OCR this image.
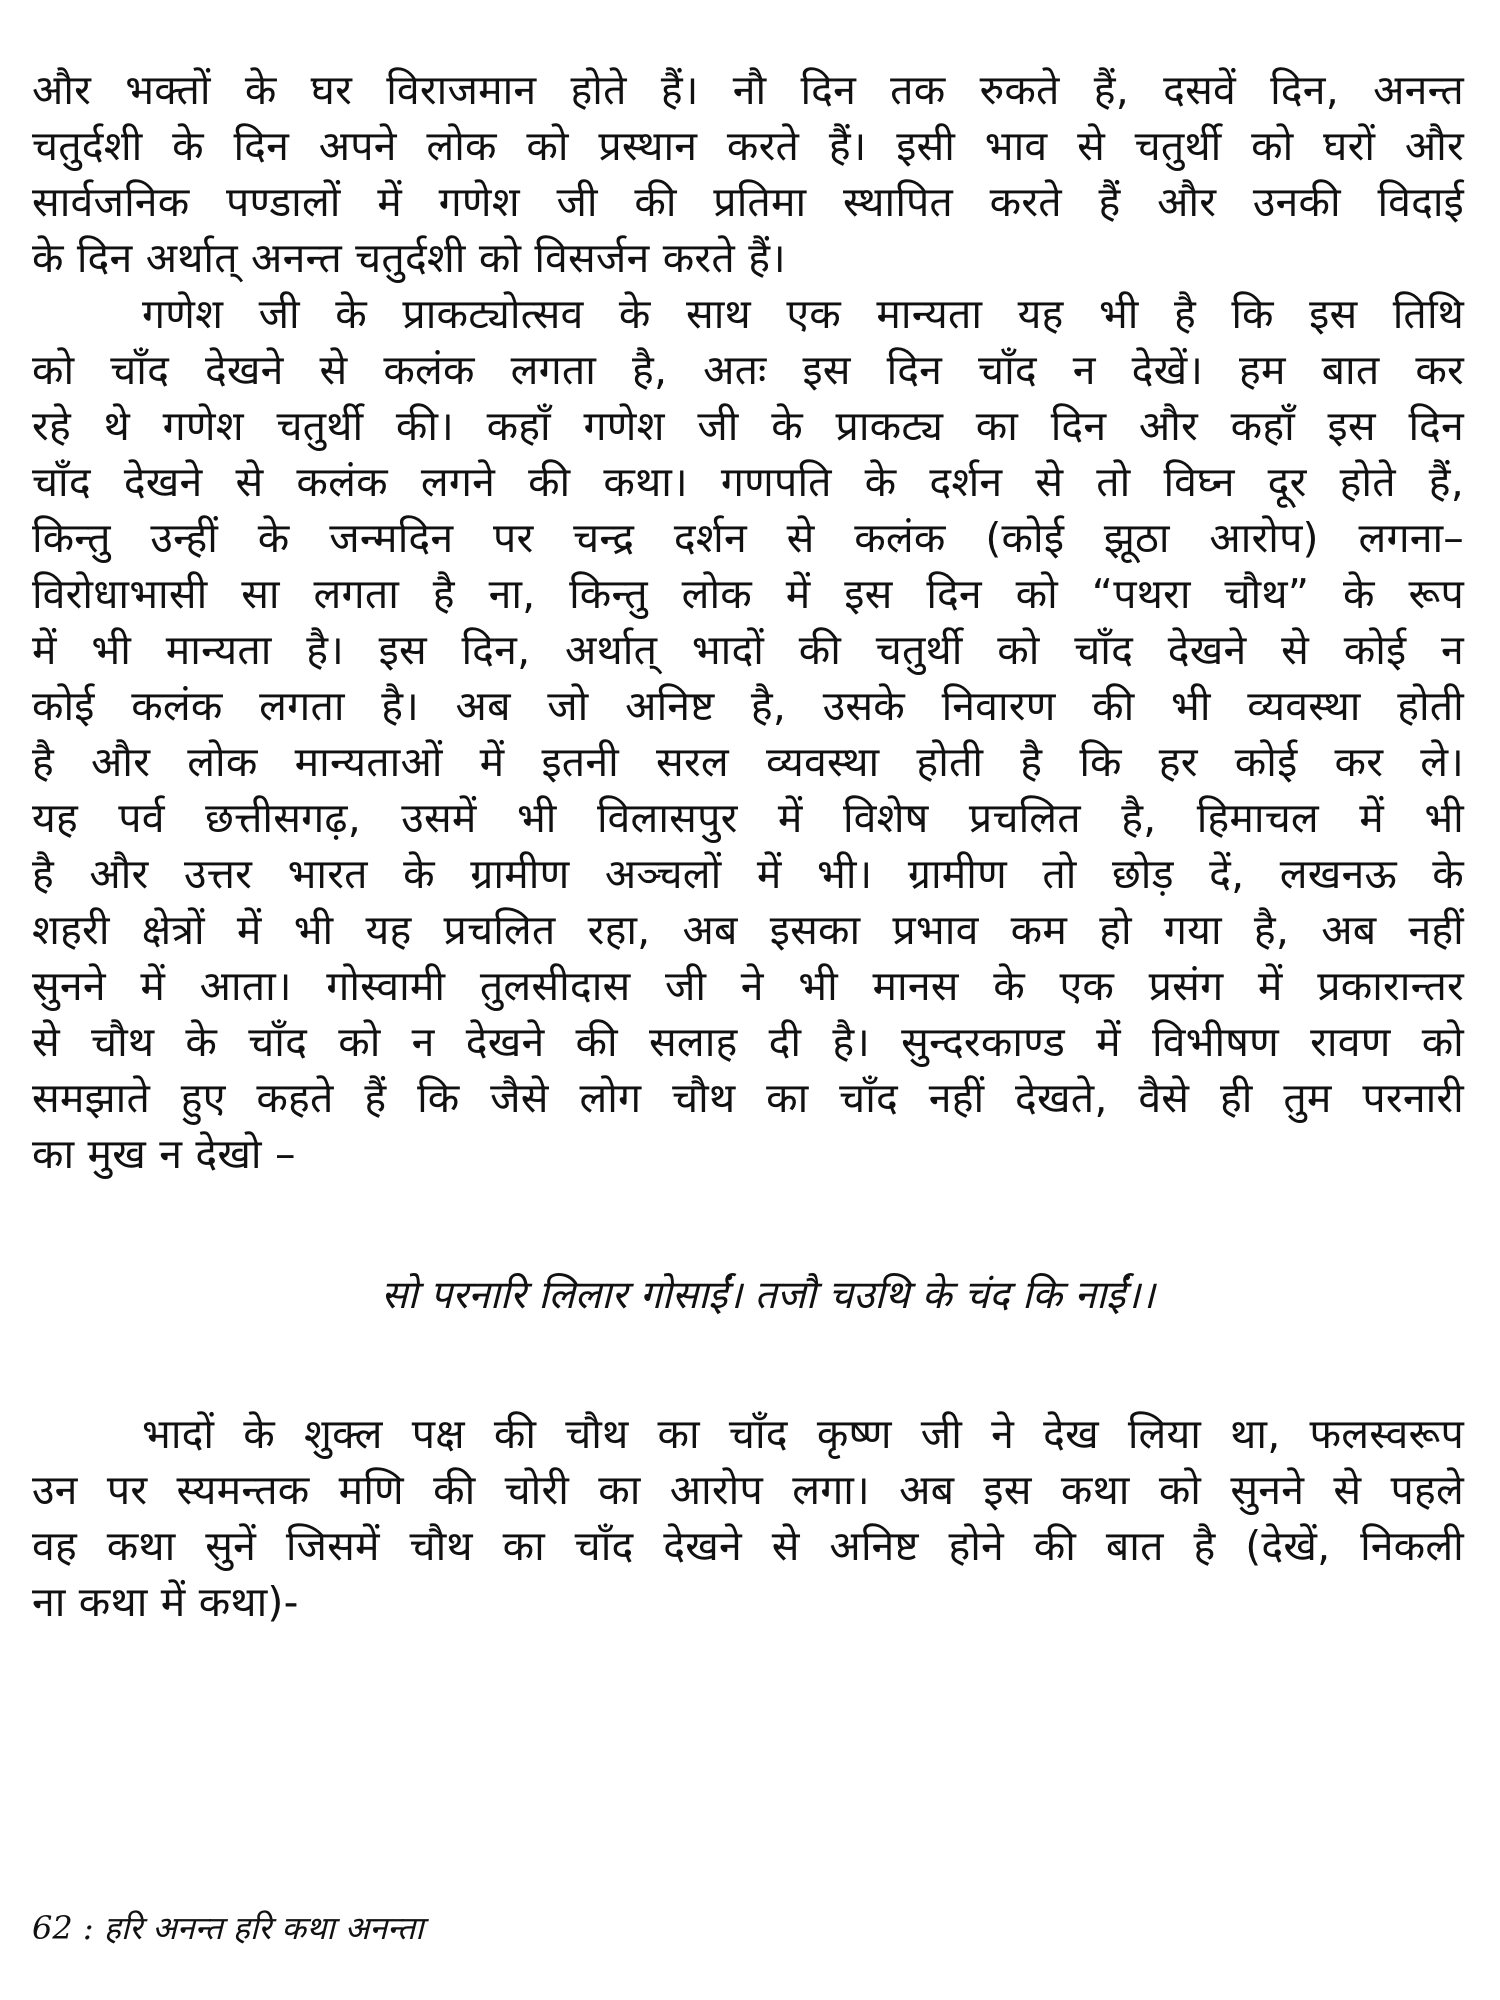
और भक्तों के घर विराजमान होते हैं। नौ दिन तक रुकते हैं, दसवें दिन, अनन्त
चतुर्दशी के दिन अपने लोक को प्रस्थान करते हैं। इसी भाव से चतुर्थी को घरों और
सार्वजनिक पण्डालों में गणेश जी की प्रतिमा स्थापित करते हैं और उनकी विदाई
के दिन अर्थात् अनन्त चतुर्दशी को विसर्जन करते हैं।
गणेश जी के प्राकट्योत्सव के साथ एक मान्यता यह भी है कि इस तिथि
को चाँद देखने से कलंक लगता है, अतः इस दिन चाँद न देखें। हम बात कर
रहे थे गणेश चतुर्थी की। कहाँ गणेश जी के प्राकट्य का दिन और कहाँ इस दिन
चाँद देखने से कलंक लगने की कथा। गणपति के दर्शन से तो विघ्न दूर होते हैं,
किन्तु उन्हीं के जन्मदिन पर चन्द्र दर्शन से कलंक (कोई झूठा आरोप) लगना–
विरोधाभासी सा लगता है ना, किन्तु लोक में इस दिन को “पथरा चौथ” के रूप
में भी मान्यता है। इस दिन, अर्थात् भादों की चतुर्थी को चाँद देखने से कोई न
कोई कलंक लगता है। अब जो अनिष्ट है, उसके निवारण की भी व्यवस्था होती
है और लोक मान्यताओं में इतनी सरल व्यवस्था होती है कि हर कोई कर ले।
यह पर्व छत्तीसगढ़, उसमें भी विलासपुर में विशेष प्रचलित है, हिमाचल में भी
है और उत्तर भारत के ग्रामीण अञ्चलों में भी। ग्रामीण तो छोड़ दें, लखनऊ के
शहरी क्षेत्रों में भी यह प्रचलित रहा, अब इसका प्रभाव कम हो गया है, अब नहीं
सुनने में आता। गोस्वामी तुलसीदास जी ने भी मानस के एक प्रसंग में प्रकारान्तर
से चौथ के चाँद को न देखने की सलाह दी है। सुन्दरकाण्ड में विभीषण रावण को
समझाते हुए कहते हैं कि जैसे लोग चौथ का चाँद नहीं देखते, वैसे ही तुम परनारी
का मुख न देखो –
सो परनारि लिलार गोसाईं। तजौ चउथि के चंद कि नाईं।।
भादों के शुक्ल पक्ष की चौथ का चाँद कृष्ण जी ने देख लिया था, फलस्वरूप
उन पर स्यमन्तक मणि की चोरी का आरोप लगा। अब इस कथा को सुनने से पहले
वह कथा सुनें जिसमें चौथ का चाँद देखने से अनिष्ट होने की बात है (देखें, निकली
ना कथा में कथा)-
62 : हरि अनन्त हरि कथा अनन्ता
